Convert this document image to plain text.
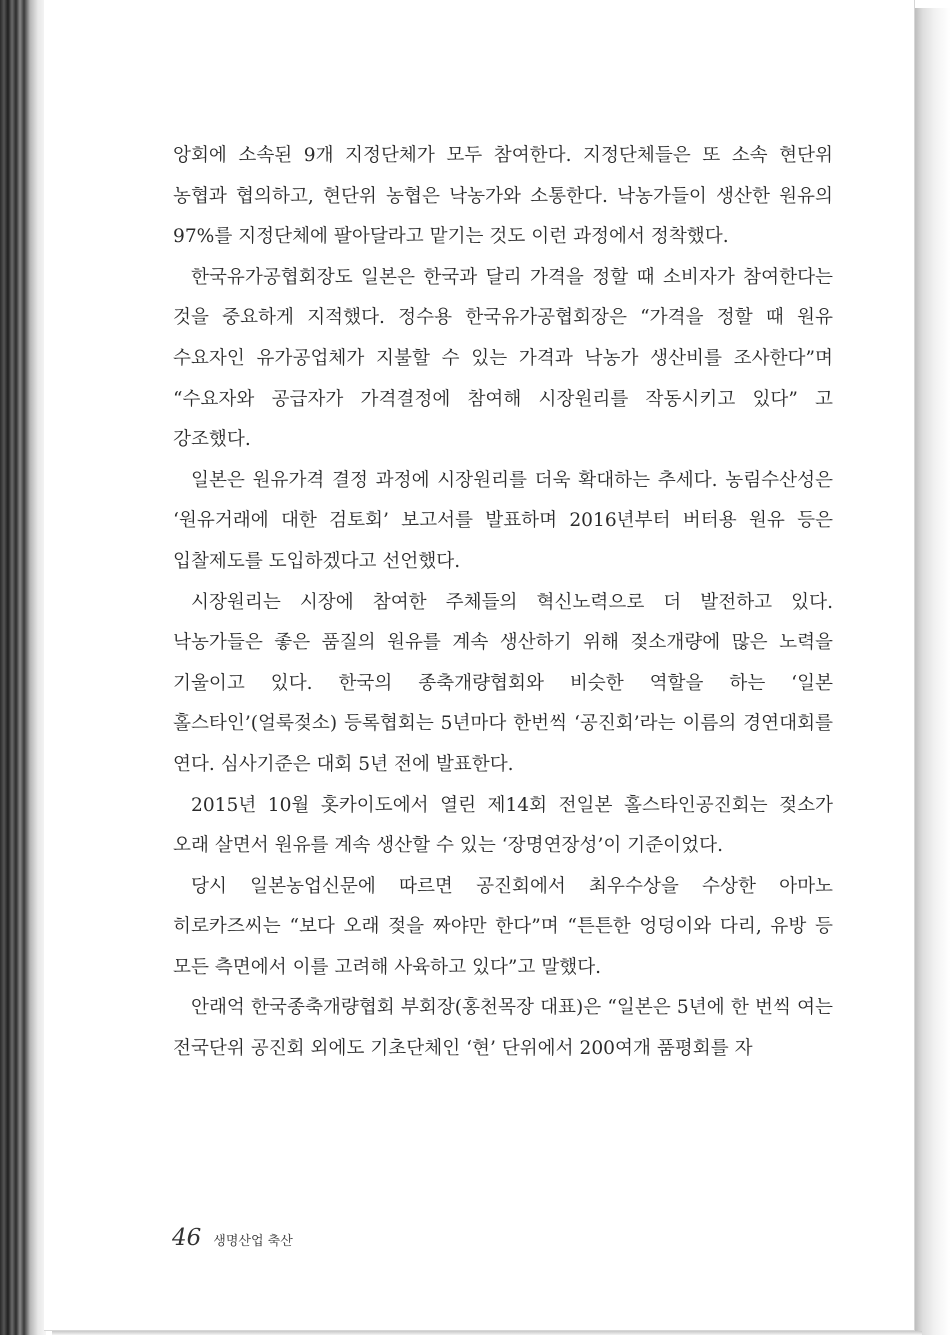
앙회에 소속된 9개 지정단체가 모두 참여한다. 지정단체들은 또 소속 현단위 농협과 협의하고, 현단위 농협은 낙농가와 소통한다. 낙농가들이 생산한 원유의 97%를 지정단체에 팔아달라고 맡기는 것도 이런 과정에서 정착했다.

한국유가공협회장도 일본은 한국과 달리 가격을 정할 때 소비자가 참여한다는 것을 중요하게 지적했다. 정수용 한국유가공협회장은 “가격을 정할 때 원유 수요자인 유가공업체가 지불할 수 있는 가격과 낙농가 생산비를 조사한다”며 “수요자와 공급자가 가격결정에 참여해 시장원리를 작동시키고 있다” 고 강조했다.

일본은 원유가격 결정 과정에 시장원리를 더욱 확대하는 추세다. 농림수산성은 ‘원유거래에 대한 검토회’ 보고서를 발표하며 2016년부터 버터용 원유 등은 입찰제도를 도입하겠다고 선언했다.

시장원리는 시장에 참여한 주체들의 혁신노력으로 더 발전하고 있다. 낙농가들은 좋은 품질의 원유를 계속 생산하기 위해 젖소개량에 많은 노력을 기울이고 있다. 한국의 종축개량협회와 비슷한 역할을 하는 ‘일본 홀스타인’(얼룩젖소) 등록협회는 5년마다 한번씩 ‘공진회’라는 이름의 경연대회를 연다. 심사기준은 대회 5년 전에 발표한다.

2015년 10월 홋카이도에서 열린 제14회 전일본 홀스타인공진회는 젖소가 오래 살면서 원유를 계속 생산할 수 있는 ‘장명연장성’이 기준이었다.

당시 일본농업신문에 따르면 공진회에서 최우수상을 수상한 아마노 히로카즈씨는 “보다 오래 젖을 짜야만 한다”며 “튼튼한 엉덩이와 다리, 유방 등 모든 측면에서 이를 고려해 사육하고 있다”고 말했다.

안래억 한국종축개량협회 부회장(홍천목장 대표)은 “일본은 5년에 한 번씩 여는 전국단위 공진회 외에도 기초단체인 ‘현’ 단위에서 200여개 품평회를 자

46 생명산업 축산
